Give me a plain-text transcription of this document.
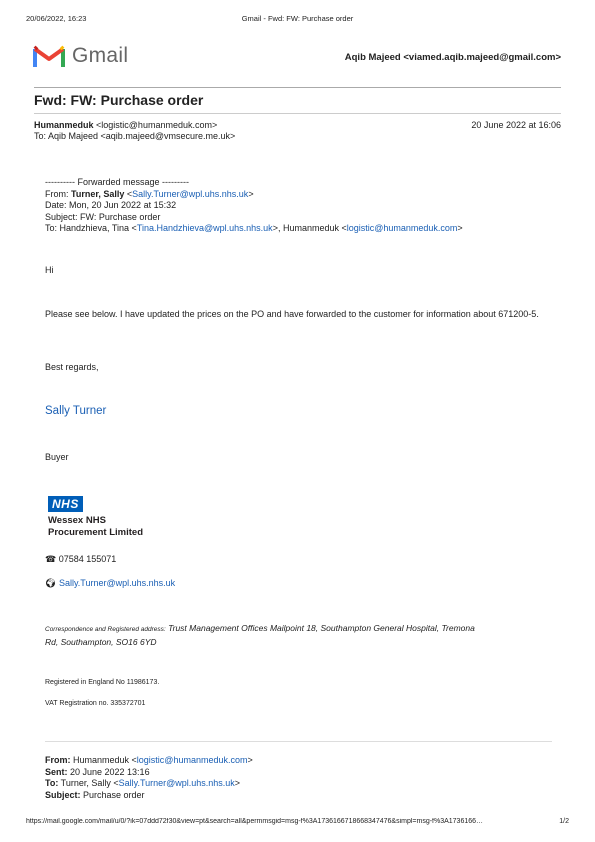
20/06/2022, 16:23	Gmail - Fwd: FW: Purchase order
Gmail	Aqib Majeed <viamed.aqib.majeed@gmail.com>
Fwd: FW: Purchase order
Humanmeduk <logistic@humanmeduk.com>	20 June 2022 at 16:06
To: Aqib Majeed <aqib.majeed@vmsecure.me.uk>
---------- Forwarded message ---------
From: Turner, Sally <Sally.Turner@wpl.uhs.nhs.uk>
Date: Mon, 20 Jun 2022 at 15:32
Subject: FW: Purchase order
To: Handzhieva, Tina <Tina.Handzhieva@wpl.uhs.nhs.uk>, Humanmeduk <logistic@humanmeduk.com>
Hi
Please see below. I have updated the prices on the PO and have forwarded to the customer for information about 671200-5.
Best regards,
Sally Turner
Buyer
NHS
Wessex NHS
Procurement Limited
☎ 07584 155071
🌍︎ Sally.Turner@wpl.uhs.nhs.uk
Correspondence and Registered address: Trust Management Offices Mailpoint 18, Southampton General Hospital, Tremona
Rd, Southampton, SO16 6YD
Registered in England No 11986173.
VAT Registration no. 335372701
From: Humanmeduk <logistic@humanmeduk.com>
Sent: 20 June 2022 13:16
To: Turner, Sally <Sally.Turner@wpl.uhs.nhs.uk>
Subject: Purchase order
https://mail.google.com/mail/u/0/?ik=07ddd72f30&view=pt&search=all&permmsgid=msg-f%3A1736166718668347476&simpl=msg-f%3A1736166…	1/2
